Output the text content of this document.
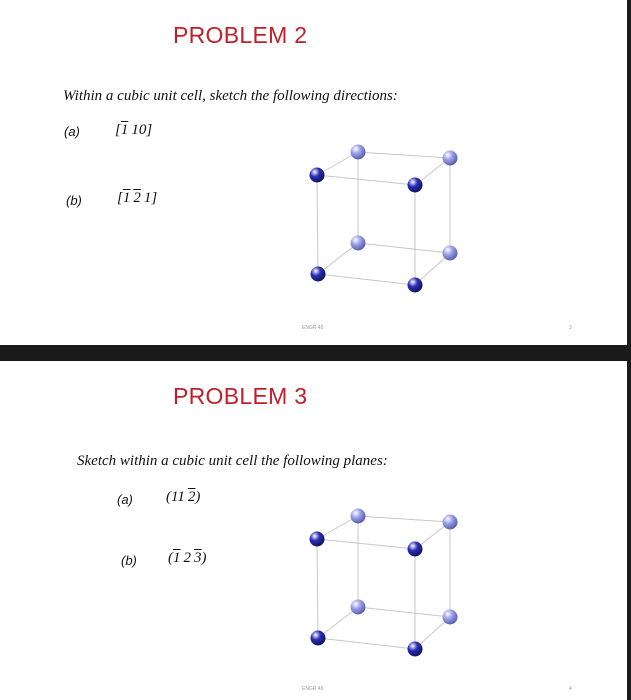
PROBLEM 2
Within a cubic unit cell, sketch the following directions:
(a) [1  10]
(b) [1  2  1]
ENGR 45	3
PROBLEM 3
Sketch within a cubic unit cell the following planes:
(a) (11  2)
(b) (1  2  3)
ENGR 45	4
